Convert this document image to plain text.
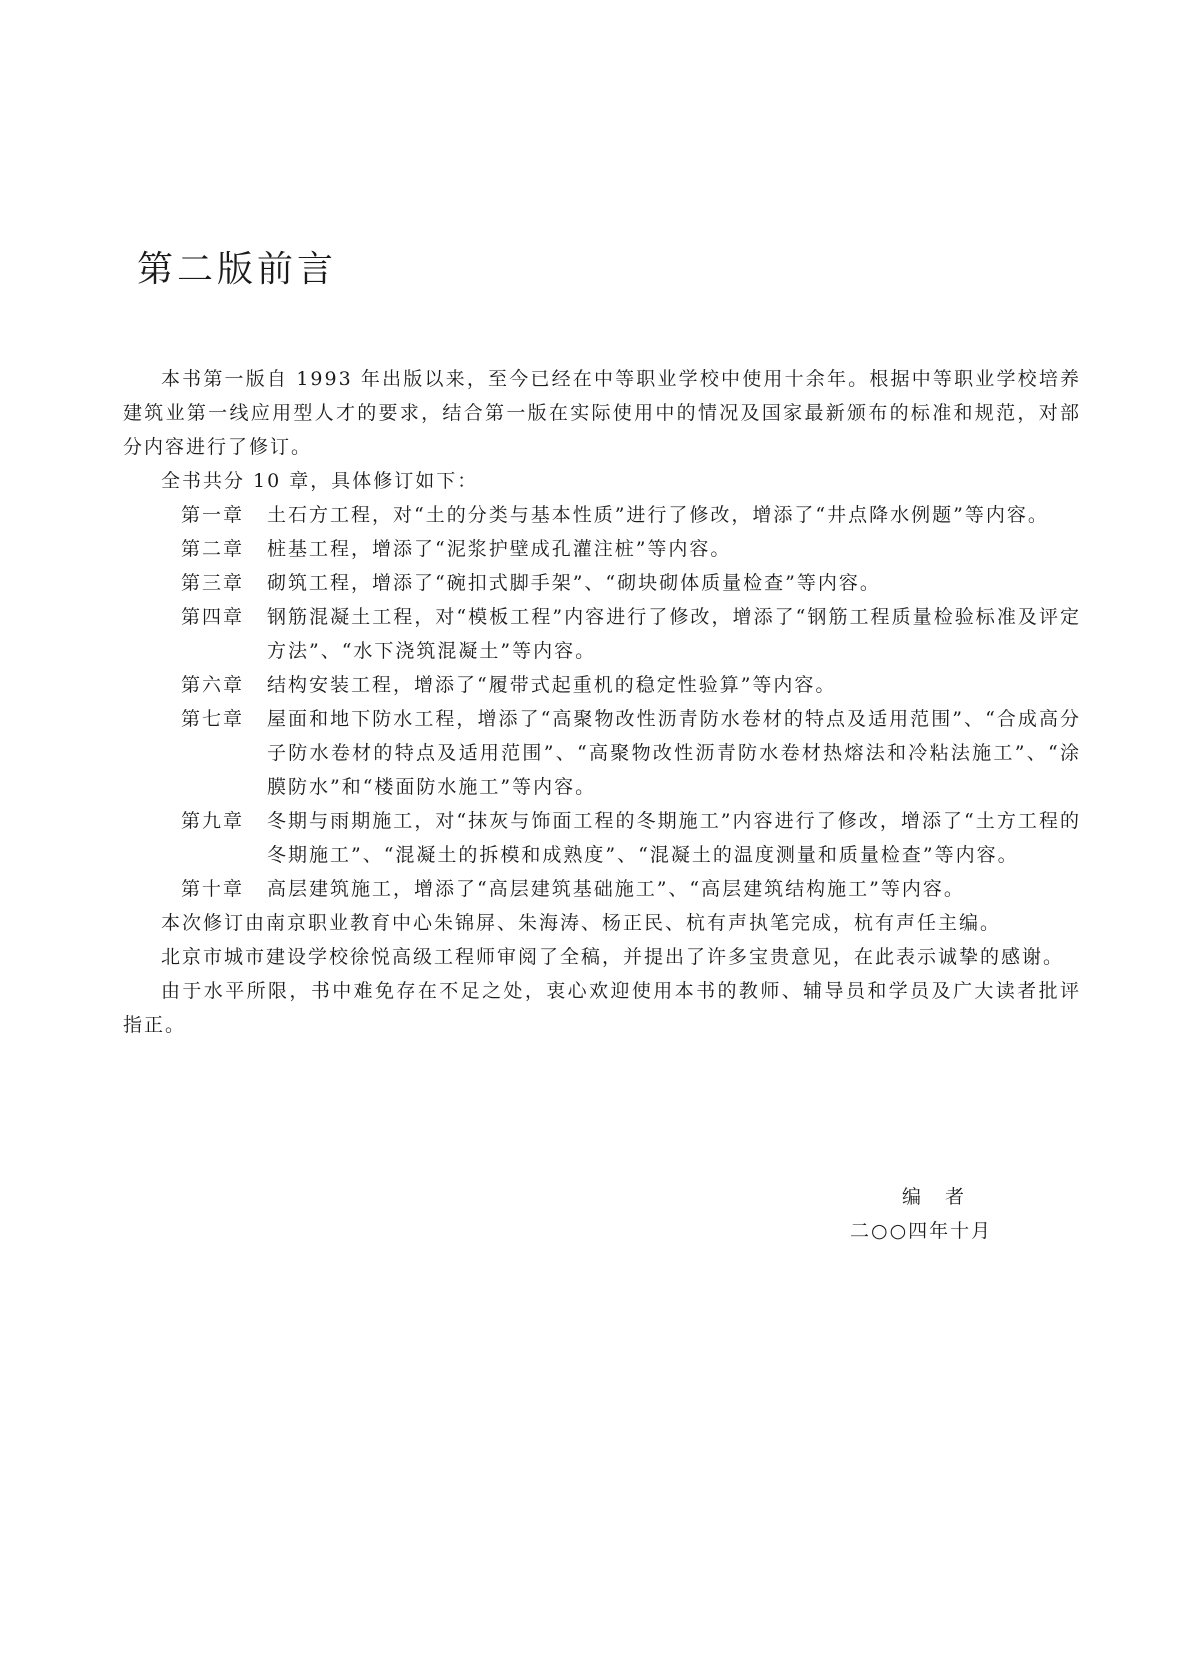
第二版前言

本书第一版自 1993 年出版以来，至今已经在中等职业学校中使用十余年。根据中等职业学校培养建筑业第一线应用型人才的要求，结合第一版在实际使用中的情况及国家最新颁布的标准和规范，对部分内容进行了修订。

全书共分 10 章，具体修订如下：

第一章	土石方工程，对“土的分类与基本性质”进行了修改，增添了“井点降水例题”等内容。
第二章	桩基工程，增添了“泥浆护壁成孔灌注桩”等内容。
第三章	砌筑工程，增添了“碗扣式脚手架”、“砌块砌体质量检查”等内容。
第四章	钢筋混凝土工程，对“模板工程”内容进行了修改，增添了“钢筋工程质量检验标准及评定方法”、“水下浇筑混凝土”等内容。
第六章	结构安装工程，增添了“履带式起重机的稳定性验算”等内容。
第七章	屋面和地下防水工程，增添了“高聚物改性沥青防水卷材的特点及适用范围”、“合成高分子防水卷材的特点及适用范围”、“高聚物改性沥青防水卷材热熔法和冷粘法施工”、“涂膜防水”和“楼面防水施工”等内容。
第九章	冬期与雨期施工，对“抹灰与饰面工程的冬期施工”内容进行了修改，增添了“土方工程的冬期施工”、“混凝土的拆模和成熟度”、“混凝土的温度测量和质量检查”等内容。
第十章	高层建筑施工，增添了“高层建筑基础施工”、“高层建筑结构施工”等内容。

本次修订由南京职业教育中心朱锦屏、朱海涛、杨正民、杭有声执笔完成，杭有声任主编。

北京市城市建设学校徐悦高级工程师审阅了全稿，并提出了许多宝贵意见，在此表示诚挚的感谢。

由于水平所限，书中难免存在不足之处，衷心欢迎使用本书的教师、辅导员和学员及广大读者批评指正。

编者
二○○四年十月
